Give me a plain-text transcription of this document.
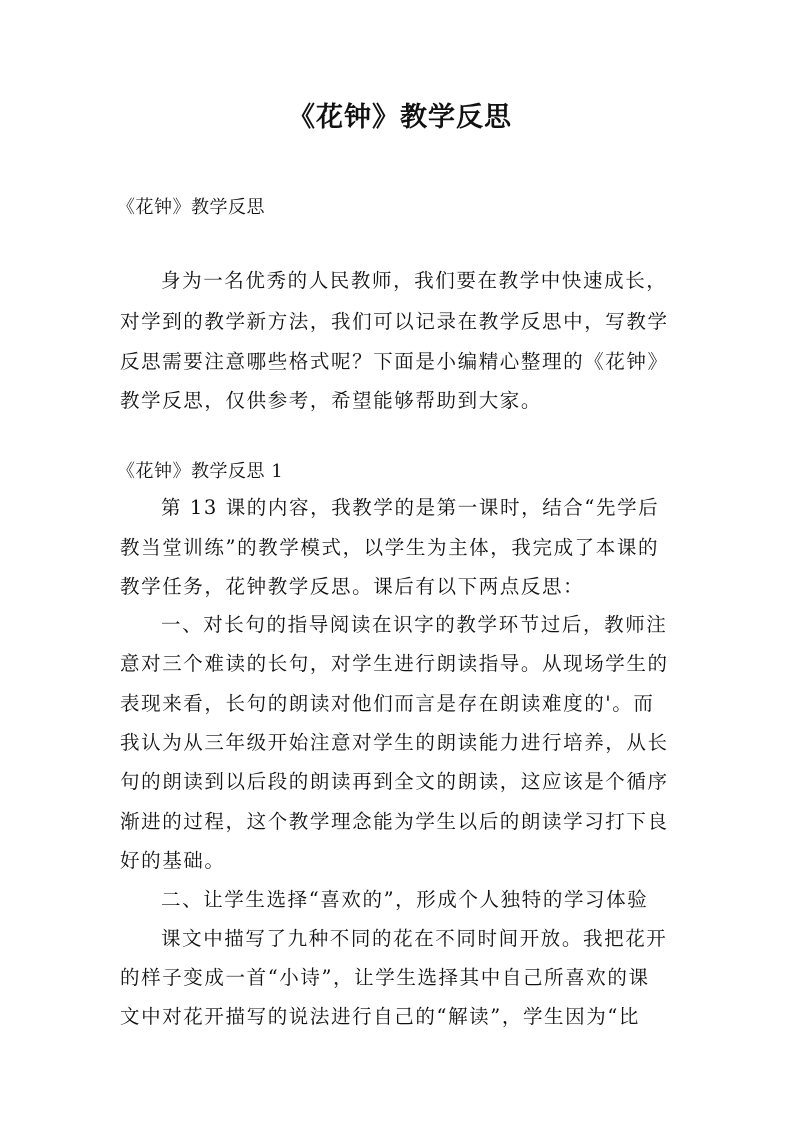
《花钟》教学反思
《花钟》教学反思
身为一名优秀的人民教师，我们要在教学中快速成长，
对学到的教学新方法，我们可以记录在教学反思中，写教学
反思需要注意哪些格式呢？下面是小编精心整理的《花钟》
教学反思，仅供参考，希望能够帮助到大家。
《花钟》教学反思 1
第 13 课的内容，我教学的是第一课时，结合“先学后
教当堂训练”的教学模式，以学生为主体，我完成了本课的
教学任务，花钟教学反思。课后有以下两点反思：
一、对长句的指导阅读在识字的教学环节过后，教师注
意对三个难读的长句，对学生进行朗读指导。从现场学生的
表现来看，长句的朗读对他们而言是存在朗读难度的'。而
我认为从三年级开始注意对学生的朗读能力进行培养，从长
句的朗读到以后段的朗读再到全文的朗读，这应该是个循序
渐进的过程，这个教学理念能为学生以后的朗读学习打下良
好的基础。
二、让学生选择“喜欢的”，形成个人独特的学习体验
课文中描写了九种不同的花在不同时间开放。我把花开
的样子变成一首“小诗”，让学生选择其中自己所喜欢的课
文中对花开描写的说法进行自己的“解读”，学生因为“比
